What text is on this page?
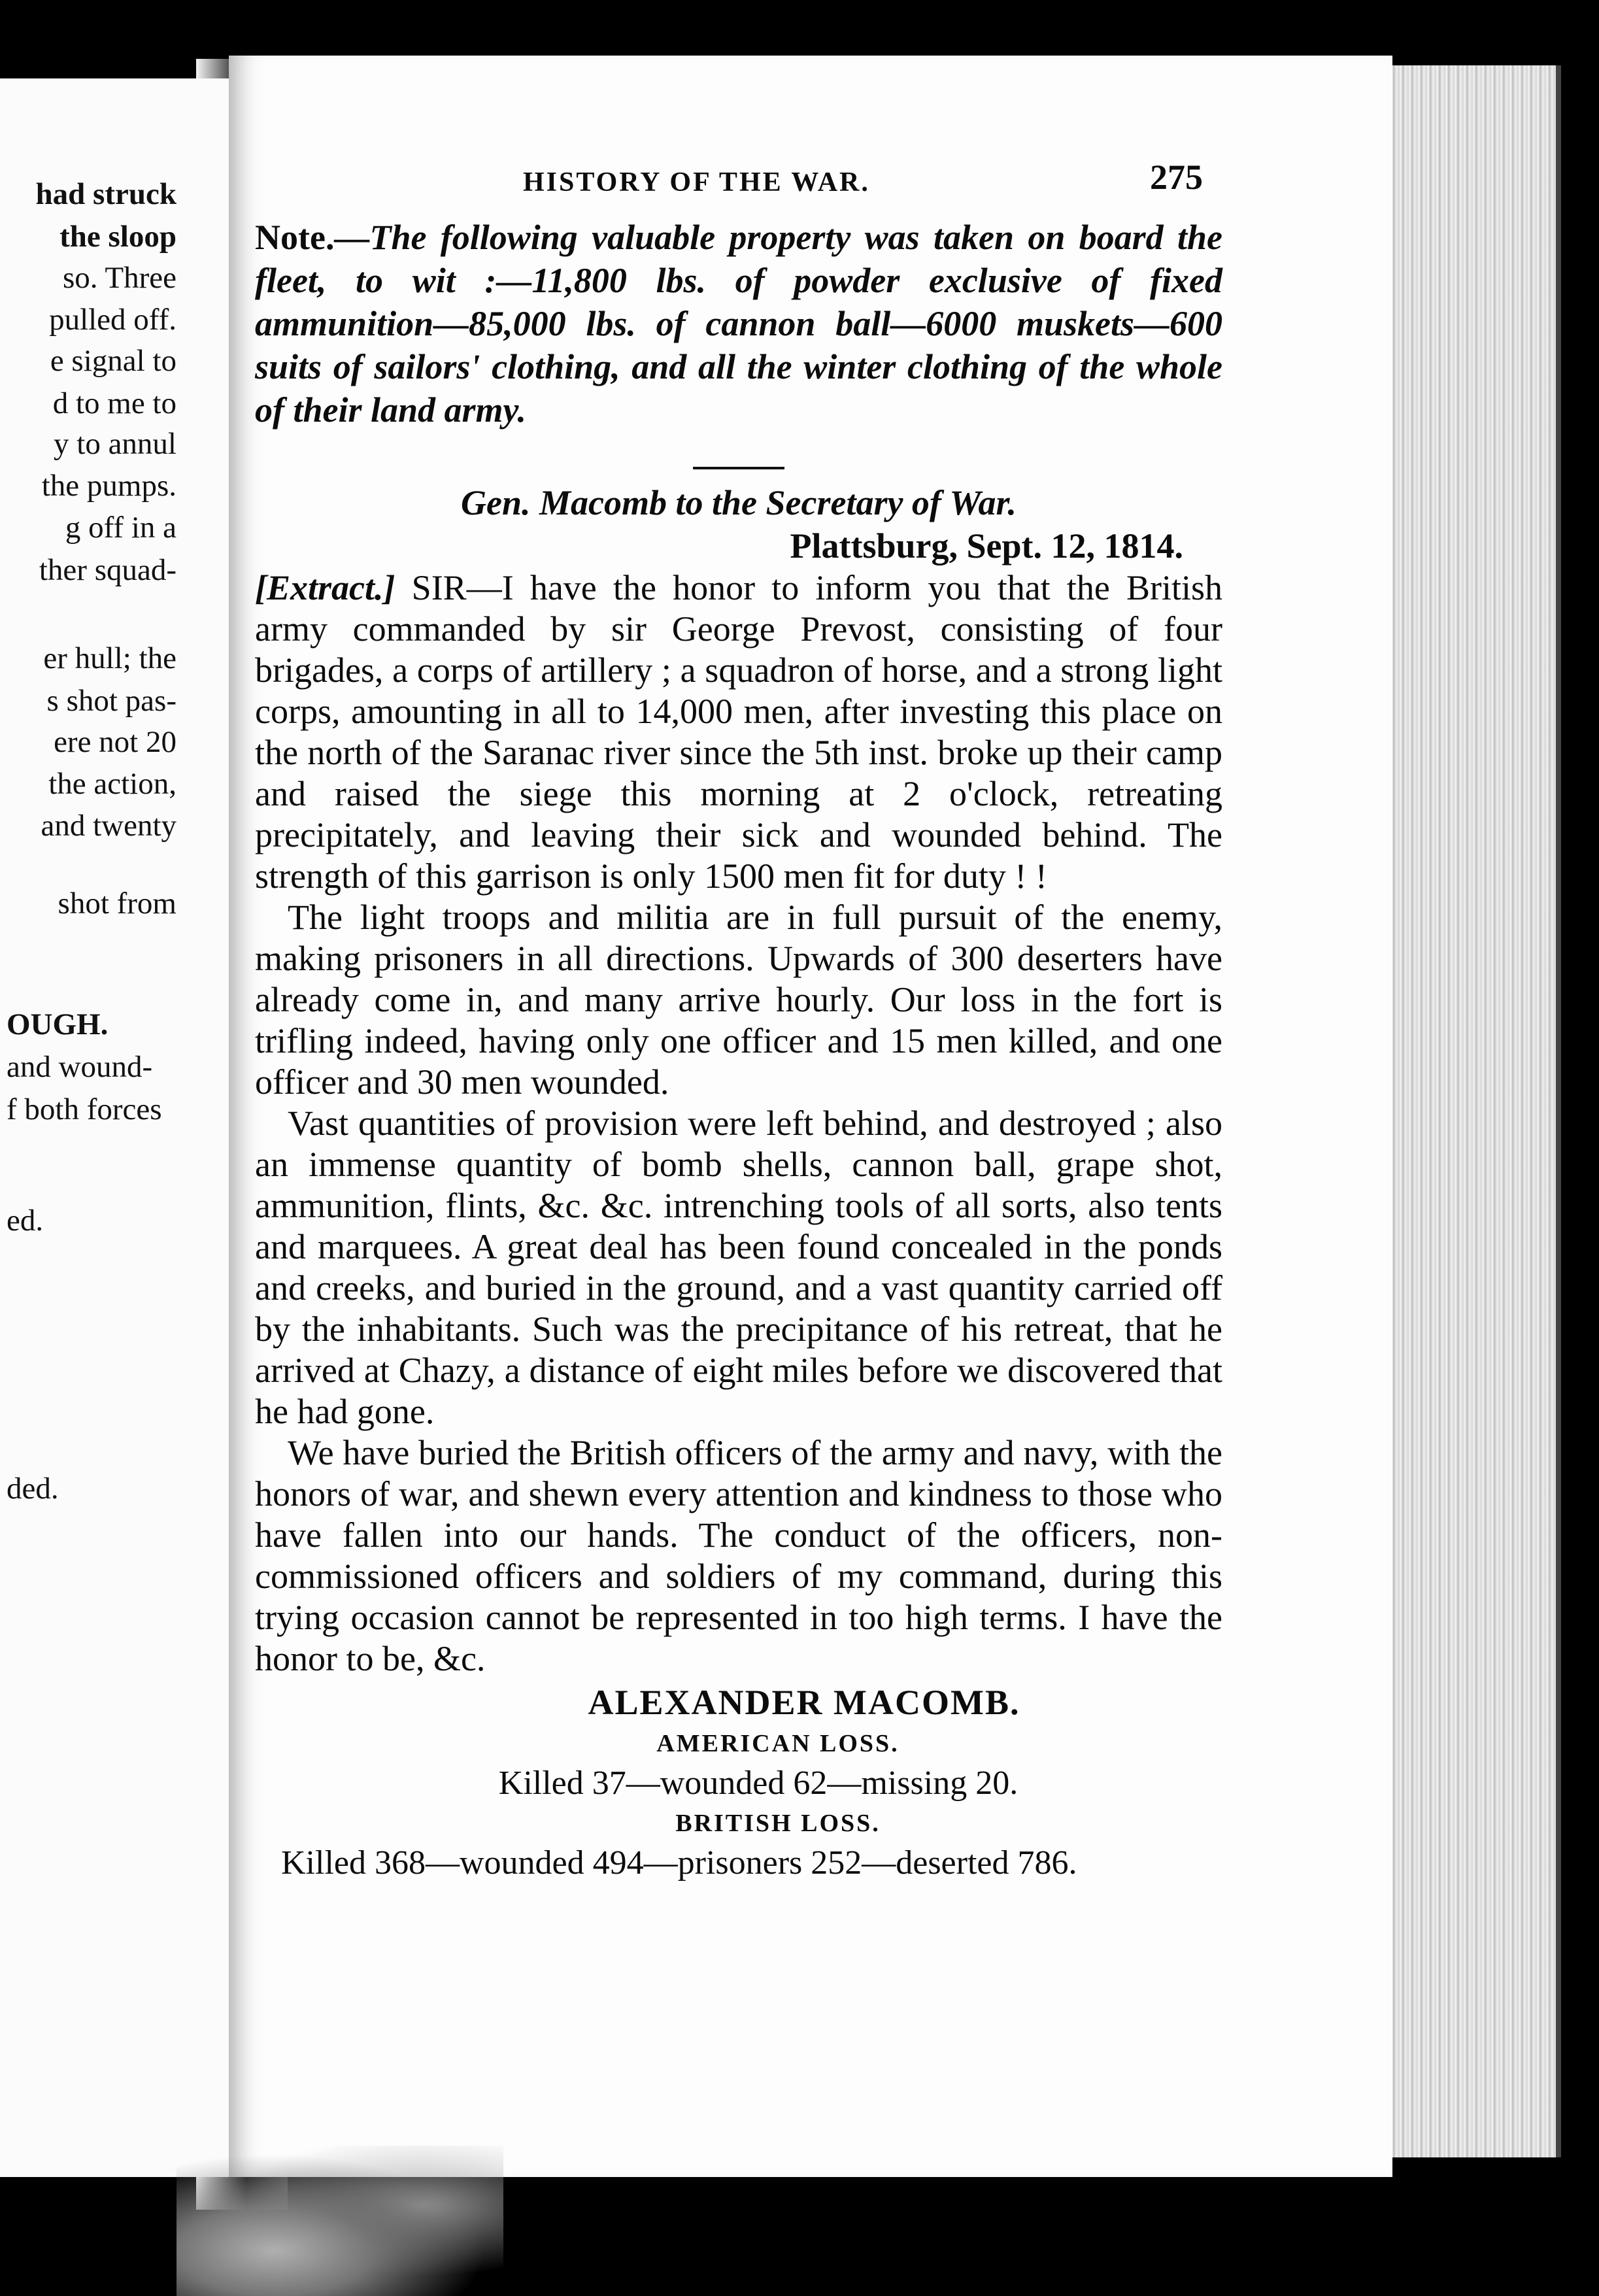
had struck
the sloop
so. Three
pulled off.
e signal to
d to me to
y to annul
the pumps.
g off in a
ther squad-
er hull; the
s shot pas-
ere not 20
the action,
and twenty
shot from
OUGH.
and wound-
f both forces
ed.
ded.
HISTORY OF THE WAR.	275

Note.—The following valuable property was taken on board the fleet, to wit :—11,800 lbs. of powder exclusive of fixed ammunition—85,000 lbs. of cannon ball—6000 muskets—600 suits of sailors' clothing, and all the winter clothing of the whole of their land army.

Gen. Macomb to the Secretary of War.
Plattsburg, Sept. 12, 1814.

[Extract.] SIR—I have the honor to inform you that the British army commanded by sir George Prevost, consisting of four brigades, a corps of artillery ; a squadron of horse, and a strong light corps, amounting in all to 14,000 men, after investing this place on the north of the Saranac river since the 5th inst. broke up their camp and raised the siege this morning at 2 o'clock, retreating precipitately, and leaving their sick and wounded behind. The strength of this garrison is only 1500 men fit for duty ! !

The light troops and militia are in full pursuit of the enemy, making prisoners in all directions. Upwards of 300 deserters have already come in, and many arrive hourly. Our loss in the fort is trifling indeed, having only one officer and 15 men killed, and one officer and 30 men wounded.

Vast quantities of provision were left behind, and destroyed ; also an immense quantity of bomb shells, cannon ball, grape shot, ammunition, flints, &c. &c. intrenching tools of all sorts, also tents and marquees. A great deal has been found concealed in the ponds and creeks, and buried in the ground, and a vast quantity carried off by the inhabitants. Such was the precipitance of his retreat, that he arrived at Chazy, a distance of eight miles before we discovered that he had gone.

We have buried the British officers of the army and navy, with the honors of war, and shewn every attention and kindness to those who have fallen into our hands. The conduct of the officers, non-commissioned officers and soldiers of my command, during this trying occasion cannot be represented in too high terms. I have the honor to be, &c.

ALEXANDER MACOMB.
AMERICAN LOSS.
Killed 37—wounded 62—missing 20.
BRITISH LOSS.
Killed 368—wounded 494—prisoners 252—deserted 786.
